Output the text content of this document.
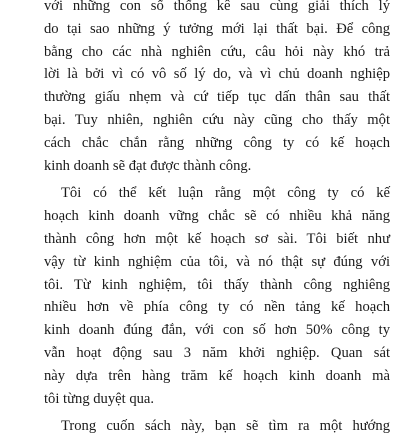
với những con số thống kê sau cùng giải thích lý
do tại sao những ý tưởng mới lại thất bại. Để công
bằng cho các nhà nghiên cứu, câu hỏi này khó trả
lời là bởi vì có vô số lý do, và vì chủ doanh nghiệp
thường giấu nhẹm và cứ tiếp tục dấn thân sau thất
bại. Tuy nhiên, nghiên cứu này cũng cho thấy một
cách chắc chắn rằng những công ty có kế hoạch
kinh doanh sẽ đạt được thành công.
Tôi có thể kết luận rằng một công ty có kế
hoạch kinh doanh vững chắc sẽ có nhiều khả năng
thành công hơn một kế hoạch sơ sài. Tôi biết như
vậy từ kinh nghiệm của tôi, và nó thật sự đúng với
tôi. Từ kinh nghiệm, tôi thấy thành công nghiêng
nhiều hơn về phía công ty có nền tảng kế hoạch
kinh doanh đúng đắn, với con số hơn 50% công ty
vẫn hoạt động sau 3 năm khởi nghiệp. Quan sát
này dựa trên hàng trăm kế hoạch kinh doanh mà
tôi từng duyệt qua.
Trong cuốn sách này, bạn sẽ tìm ra một hướng
